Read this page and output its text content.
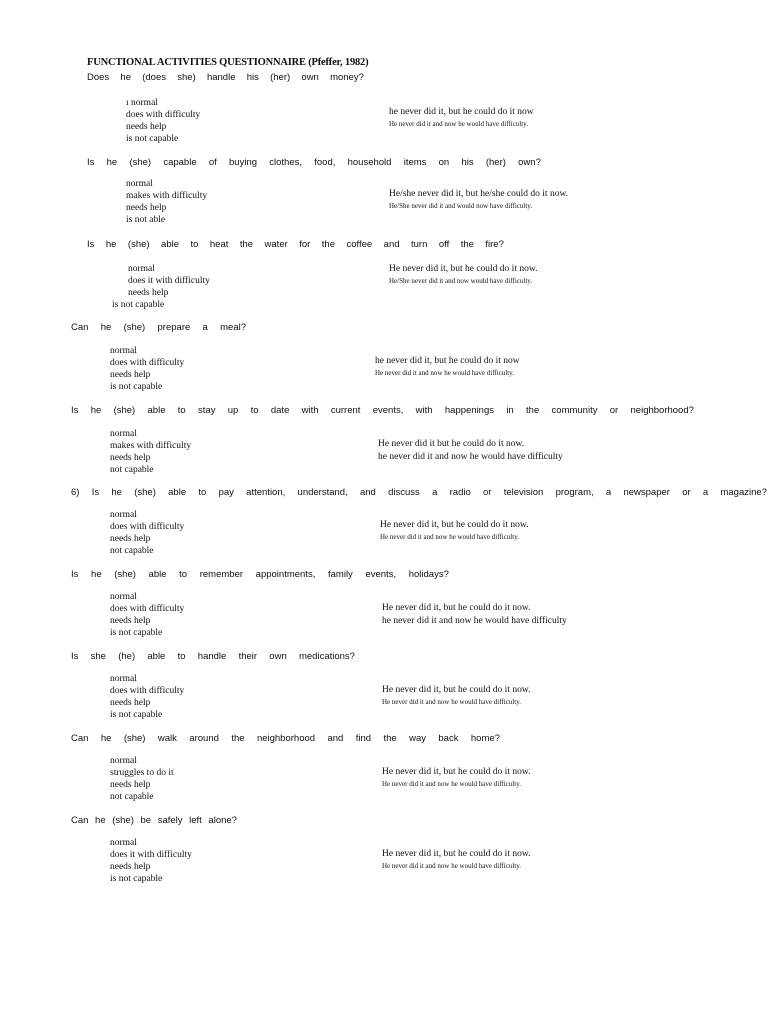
FUNCTIONAL ACTIVITIES QUESTIONNAIRE (Pfeffer, 1982)
Does he (does she) handle his (her) own money?
ı normal
does with difficulty
needs help
is not capable
he never did it, but he could do it now
He never did it and now he would have difficulty.
Is he (she) capable of buying clothes, food, household items on his (her) own?
normal
makes with difficulty
needs help
is not able
He/she never did it, but he/she could do it now.
He/She never did it and would now have difficulty.
Is he (she) able to heat the water for the coffee and turn off the fire?
normal
does it with difficulty
needs help
is not capable
He never did it, but he could do it now.
He/She never did it and now would have difficulty.
Can he (she) prepare a meal?
normal
does with difficulty
needs help
is not capable
he never did it, but he could do it now
He never did it and now he would have difficulty.
Is he (she) able to stay up to date with current events, with happenings in the community or neighborhood?
normal
makes with difficulty
needs help
not capable
He never did it but he could do it now.
he never did it and now he would have difficulty
6) Is he (she) able to pay attention, understand, and discuss a radio or television program, a newspaper or a magazine?
normal
does with difficulty
needs help
not capable
He never did it, but he could do it now.
He never did it and now he would have difficulty.
Is he (she) able to remember appointments, family events, holidays?
normal
does with difficulty
needs help
is not capable
He never did it, but he could do it now.
he never did it and now he would have difficulty
Is she (he) able to handle their own medications?
normal
does with difficulty
needs help
is not capable
He never did it, but he could do it now.
He never did it and now he would have difficulty.
Can he (she) walk around the neighborhood and find the way back home?
normal
struggles to do it
needs help
not capable
He never did it, but he could do it now.
He never did it and now he would have difficulty.
Can he (she) be safely left alone?
normal
does it with difficulty
needs help
is not capable
He never did it, but he could do it now.
He never did it and now he would have difficulty.
